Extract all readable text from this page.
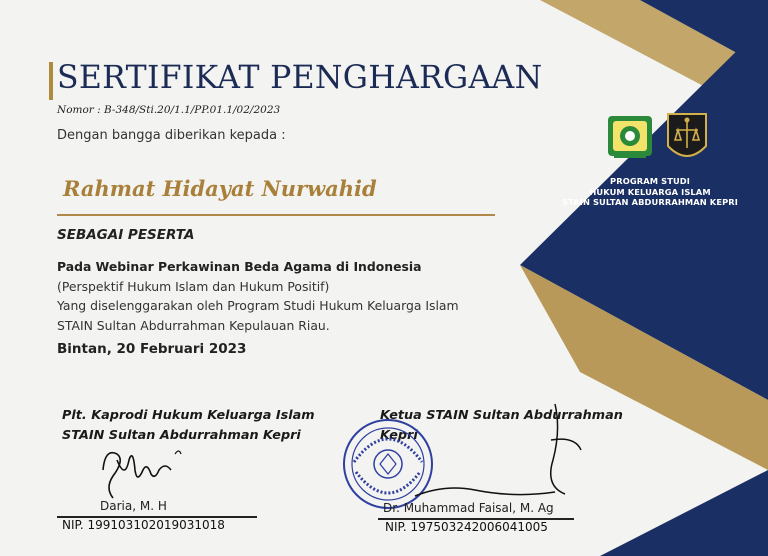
SERTIFIKAT PENGHARGAAN
Nomor : B-348/Sti.20/1.1/PP.01.1/02/2023
Dengan bangga diberikan kepada :
Rahmat Hidayat Nurwahid
SEBAGAI PESERTA
Pada Webinar Perkawinan Beda Agama di Indonesia
(Perspektif Hukum Islam dan Hukum Positif)
Yang diselenggarakan oleh Program Studi Hukum Keluarga Islam
STAIN Sultan Abdurrahman Kepulauan Riau.
Bintan, 20 Februari 2023
PROGRAM STUDI
HUKUM KELUARGA ISLAM
STAIN SULTAN ABDURRAHMAN KEPRI
Plt. Kaprodi Hukum Keluarga Islam
STAIN Sultan Abdurrahman Kepri
Daria, M. H
NIP. 199103102019031018
Ketua STAIN Sultan Abdurrahman
Kepri
Dr. Muhammad Faisal, M. Ag
NIP. 197503242006041005
